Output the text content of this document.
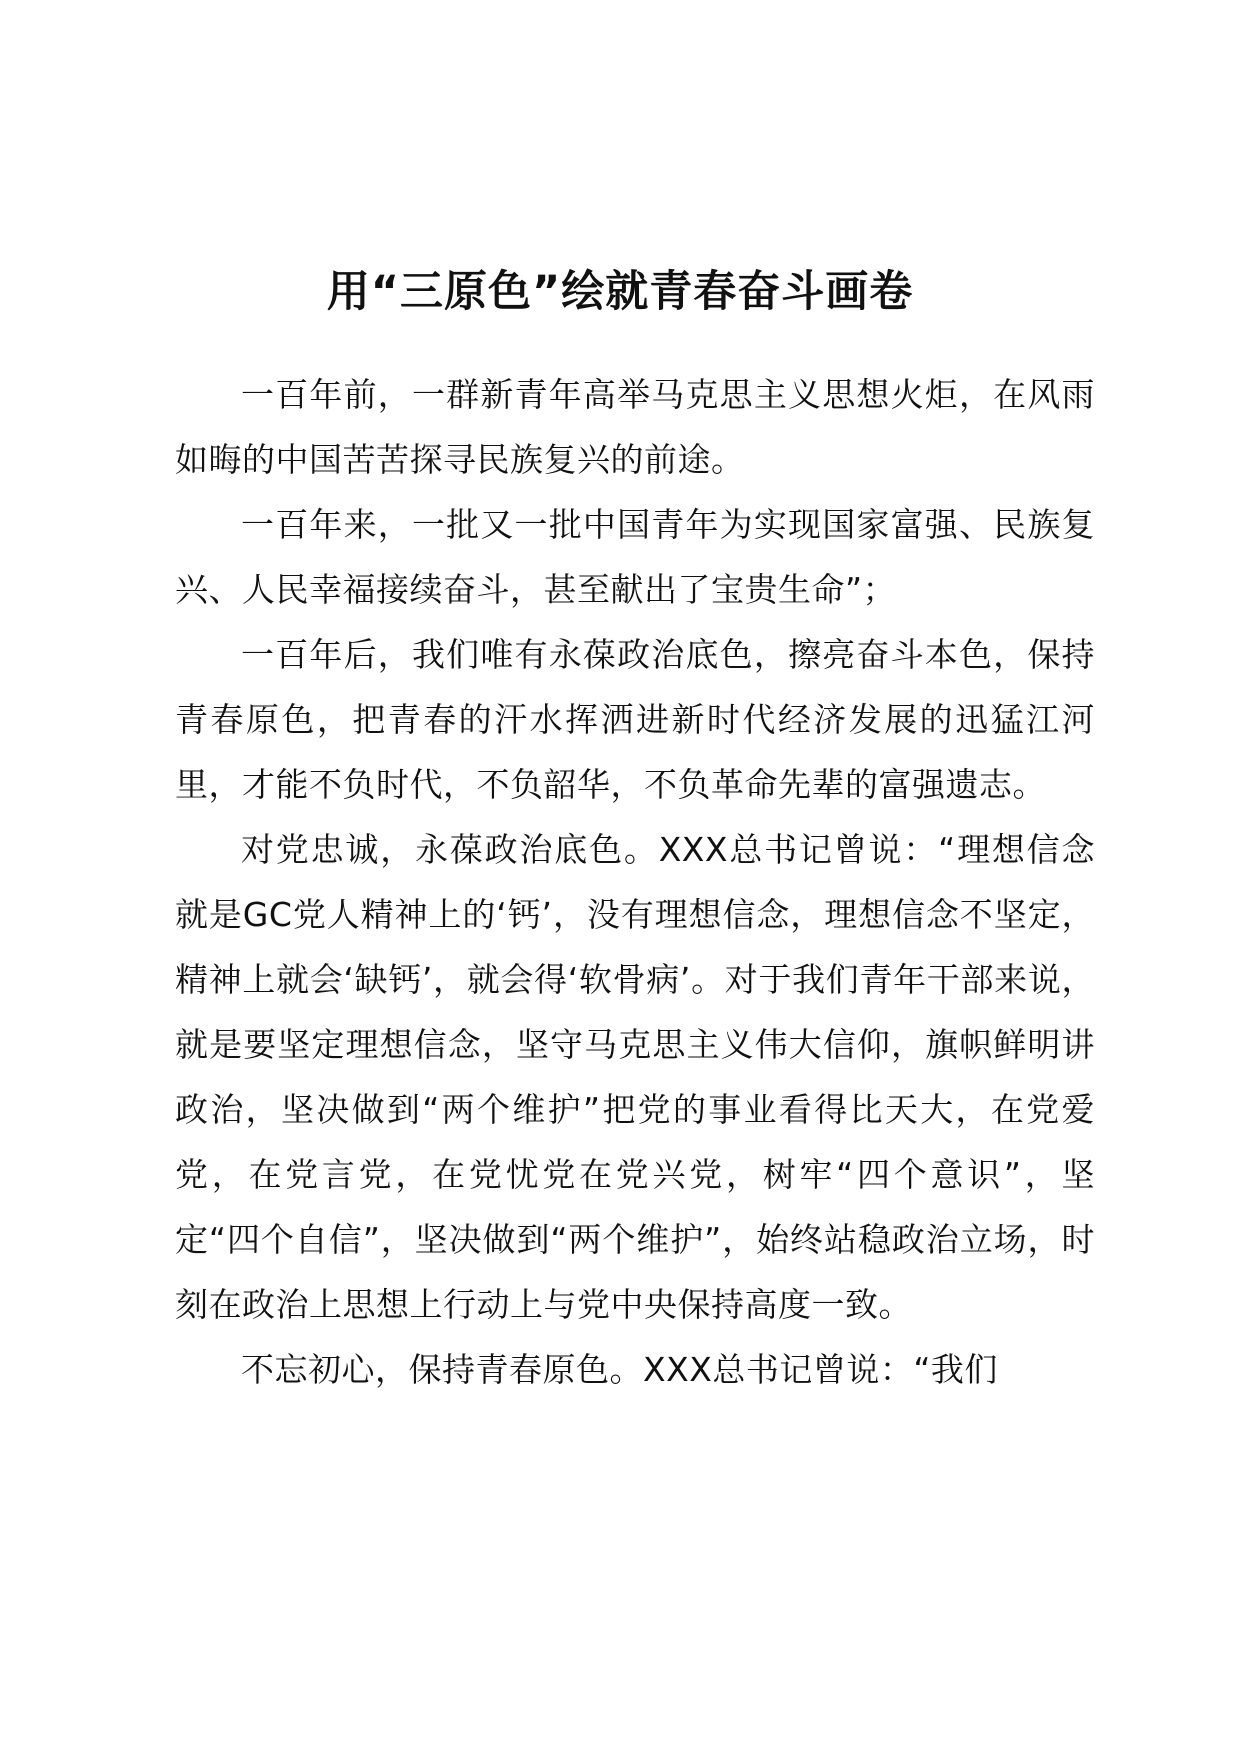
用“三原色”绘就青春奋斗画卷

一百年前，一群新青年高举马克思主义思想火炬，在风雨如晦的中国苦苦探寻民族复兴的前途。

一百年来，一批又一批中国青年为实现国家富强、民族复兴、人民幸福接续奋斗，甚至献出了宝贵生命”；

一百年后，我们唯有永葆政治底色，擦亮奋斗本色，保持青春原色，把青春的汗水挥洒进新时代经济发展的迅猛江河里，才能不负时代，不负韶华，不负革命先辈的富强遗志。

对党忠诚，永葆政治底色。XXX总书记曾说：“理想信念就是GC党人精神上的‘钙’，没有理想信念，理想信念不坚定，精神上就会‘缺钙’，就会得‘软骨病’。对于我们青年干部来说，就是要坚定理想信念，坚守马克思主义伟大信仰，旗帜鲜明讲政治，坚决做到“两个维护”把党的事业看得比天大，在党爱党，在党言党，在党忧党在党兴党，树牢“四个意识”，坚定“四个自信”，坚决做到“两个维护”，始终站稳政治立场，时刻在政治上思想上行动上与党中央保持高度一致。

不忘初心，保持青春原色。XXX总书记曾说：“我们
